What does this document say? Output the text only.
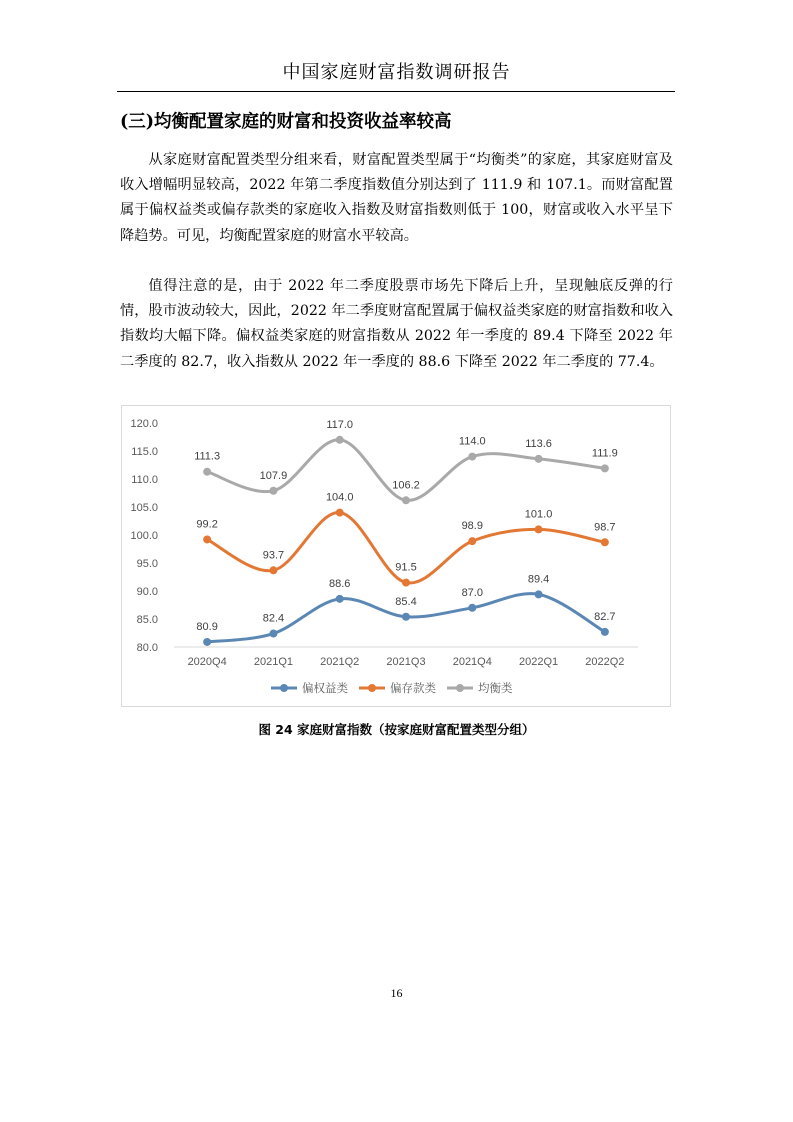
中国家庭财富指数调研报告
(三)均衡配置家庭的财富和投资收益率较高

从家庭财富配置类型分组来看，财富配置类型属于“均衡类”的家庭，其家庭财富及收入增幅明显较高，2022 年第二季度指数值分别达到了 111.9 和 107.1。而财富配置属于偏权益类或偏存款类的家庭收入指数及财富指数则低于 100，财富或收入水平呈下降趋势。可见，均衡配置家庭的财富水平较高。

值得注意的是，由于 2022 年二季度股票市场先下降后上升，呈现触底反弹的行情，股市波动较大，因此，2022 年二季度财富配置属于偏权益类家庭的财富指数和收入指数均大幅下降。偏权益类家庭的财富指数从 2022 年一季度的 89.4 下降至 2022 年二季度的 82.7，收入指数从 2022 年一季度的 88.6 下降至 2022 年二季度的 77.4。

80.0
85.0
90.0
95.0
100.0
105.0
110.0
115.0
120.0
2020Q4 2021Q1 2021Q2 2021Q3 2021Q4 2022Q1 2022Q2
80.9
82.4
88.6
85.4
87.0
89.4
82.7
99.2
93.7
104.0
91.5
98.9
101.0
98.7
111.3
107.9
117.0
106.2
114.0	113.6
111.9
偏权益类	偏存款类	均衡类
图 24 家庭财富指数（按家庭财富配置类型分组）
16
